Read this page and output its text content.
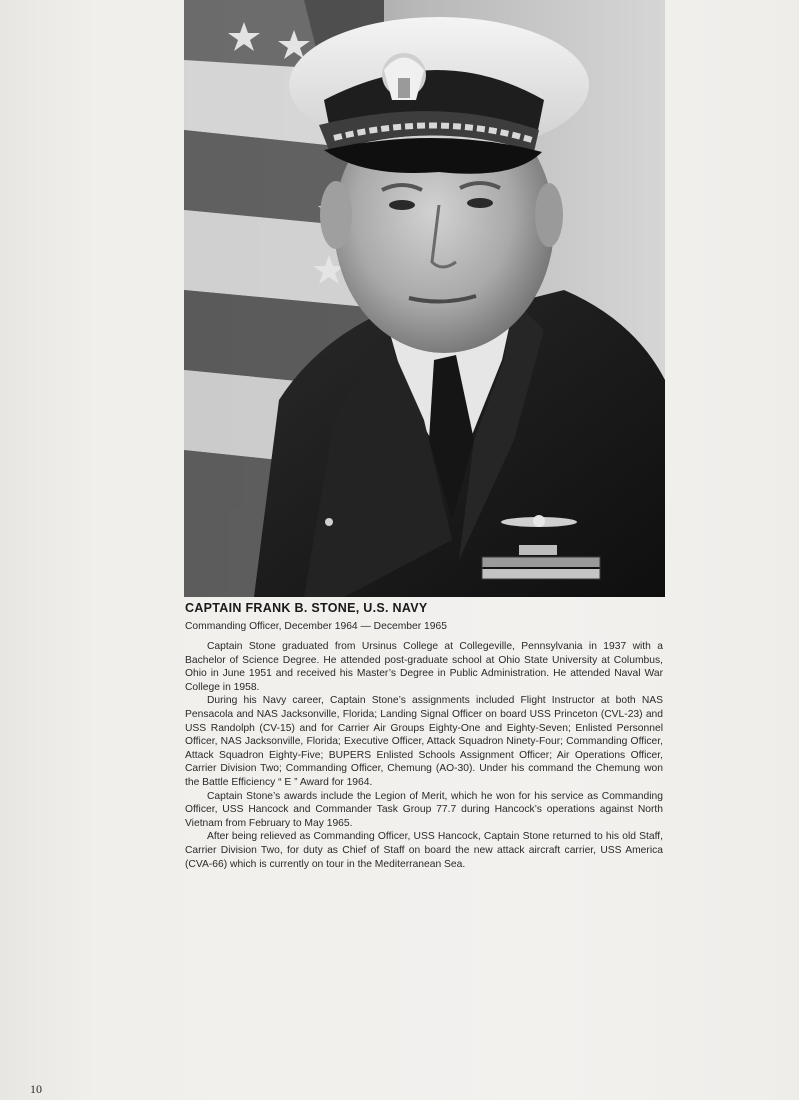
CAPTAIN FRANK B. STONE, U.S. NAVY
Commanding Officer, December 1964 — December 1965

Captain Stone graduated from Ursinus College at Collegeville, Pennsylvania in 1937 with a Bachelor of Science Degree. He attended post-graduate school at Ohio State University at Columbus, Ohio in June 1951 and received his Master’s Degree in Public Administration. He attended Naval War College in 1958.

During his Navy career, Captain Stone’s assignments included Flight Instructor at both NAS Pensacola and NAS Jacksonville, Florida; Landing Signal Officer on board USS Princeton (CVL-23) and USS Randolph (CV-15) and for Carrier Air Groups Eighty-One and Eighty-Seven; Enlisted Personnel Officer, NAS Jacksonville, Florida; Executive Officer, Attack Squadron Ninety-Four; Commanding Officer, Attack Squadron Eighty-Five; BUPERS Enlisted Schools Assignment Officer; Air Operations Officer, Carrier Division Two; Commanding Officer, Chemung (AO-30). Under his command the Chemung won the Battle Efficiency “ E ” Award for 1964.

Captain Stone’s awards include the Legion of Merit, which he won for his service as Commanding Officer, USS Hancock and Commander Task Group 77.7 during Hancock’s operations against North Vietnam from February to May 1965.

After being relieved as Commanding Officer, USS Hancock, Captain Stone returned to his old Staff, Carrier Division Two, for duty as Chief of Staff on board the new attack aircraft carrier, USS America (CVA-66) which is currently on tour in the Mediterranean Sea.

10
